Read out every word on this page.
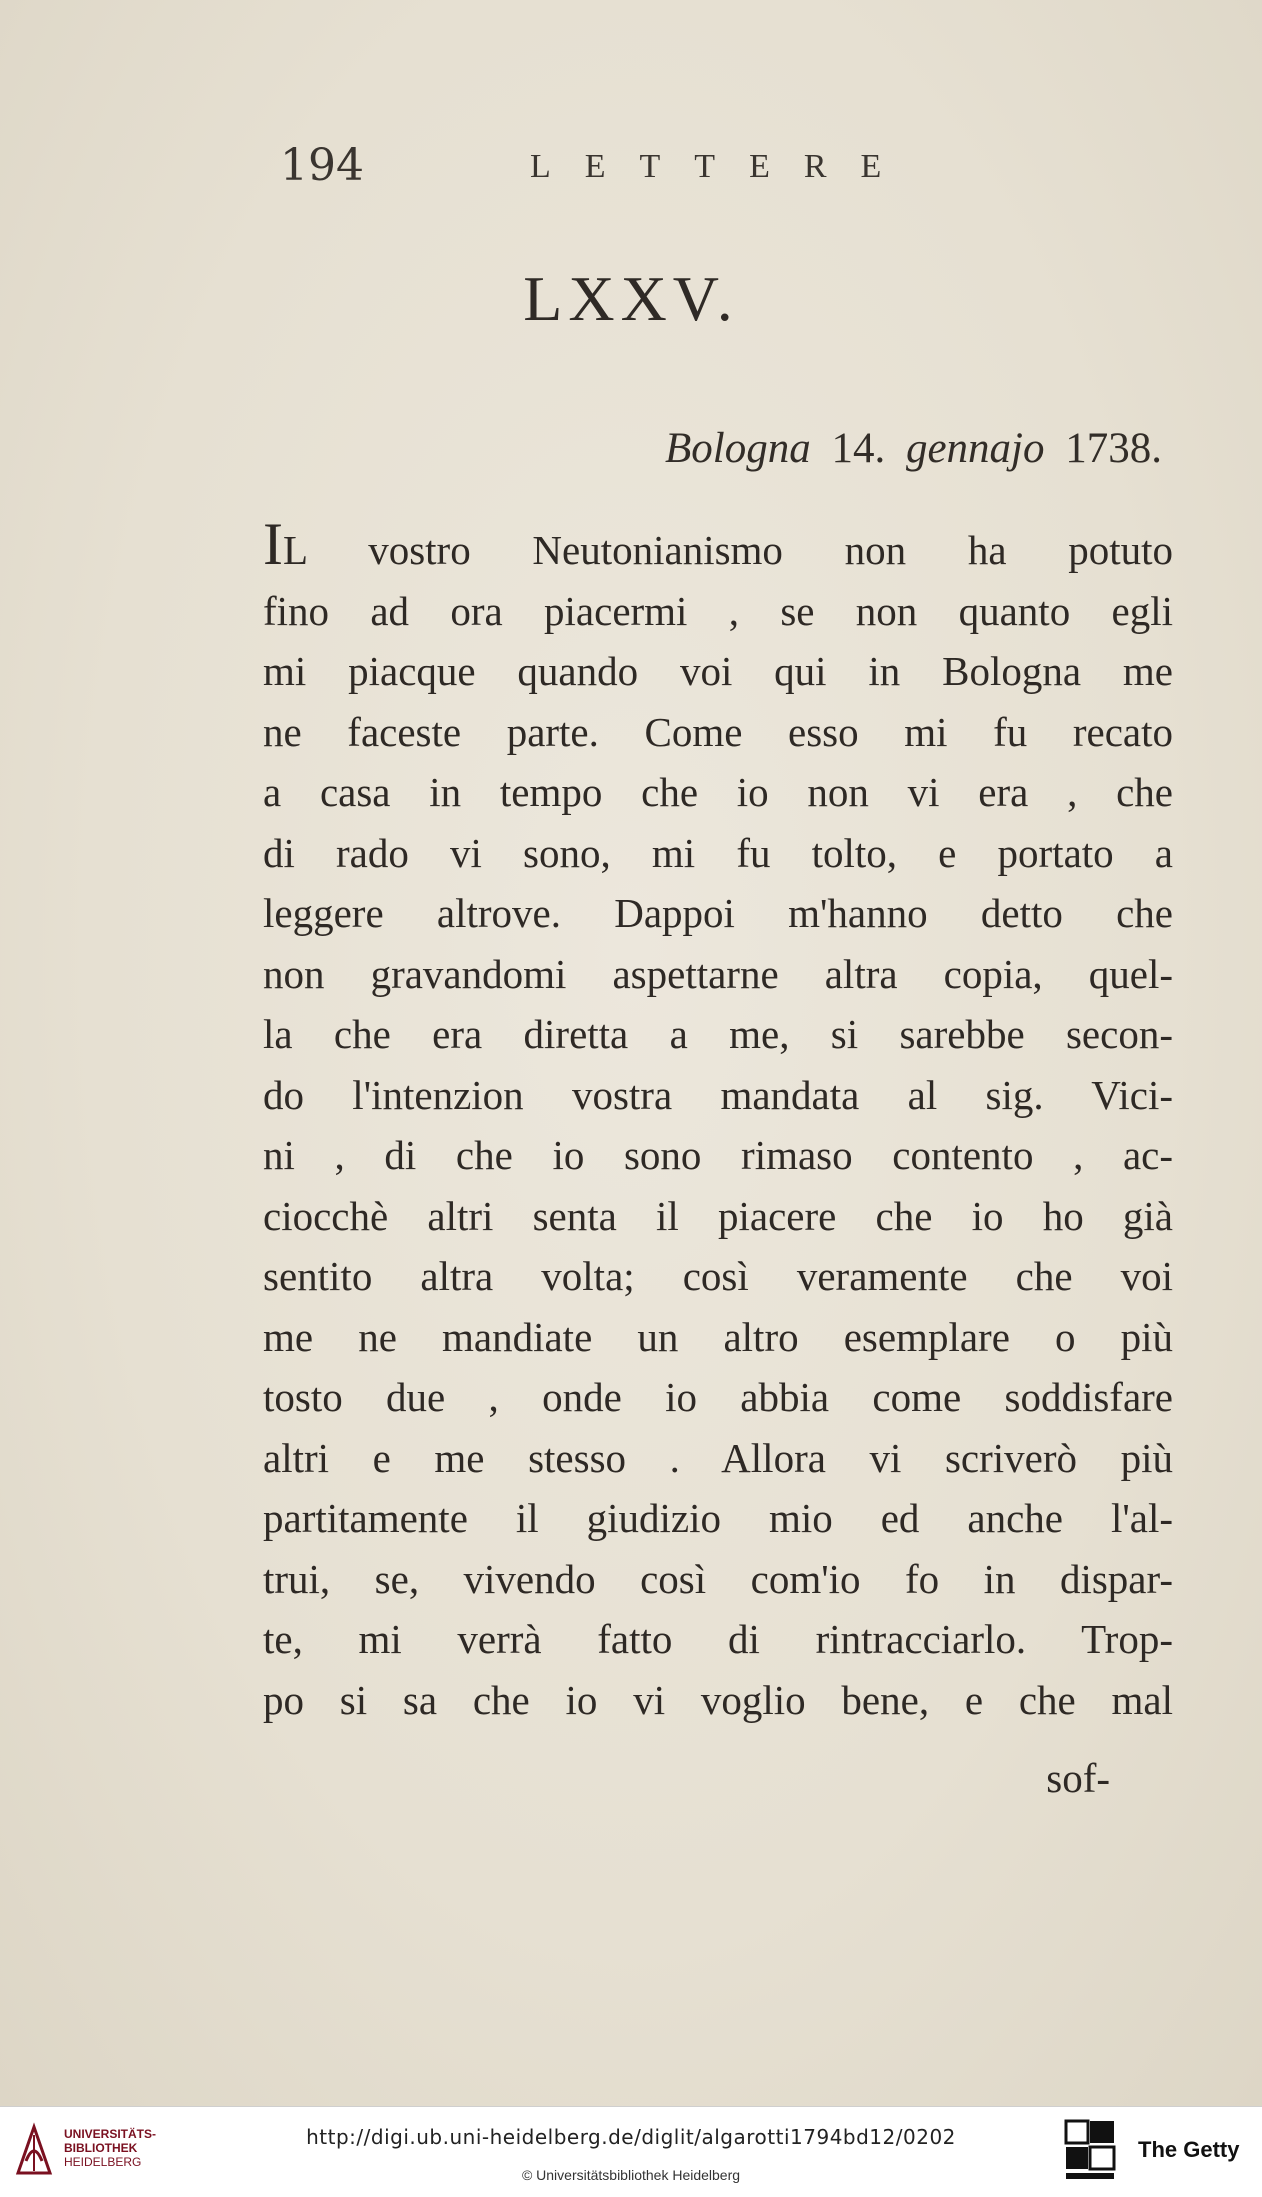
194	LETTERE
LXXV.
Bologna 14. gennajo 1738.
IL vostro Neutonianismo non ha potuto
fino ad ora piacermi , se non quanto egli
mi piacque quando voi qui in Bologna me
ne faceste parte. Come esso mi fu recato
a casa in tempo che io non vi era , che
di rado vi sono, mi fu tolto, e portato a
leggere altrove. Dappoi m'hanno detto che
non gravandomi aspettarne altra copia, quel-
la che era diretta a me, si sarebbe secon-
do l'intenzion vostra mandata al sig. Vici-
ni , di che io sono rimaso contento , ac-
ciocchè altri senta il piacere che io ho già
sentito altra volta; così veramente che voi
me ne mandiate un altro esemplare o più
tosto due , onde io abbia come soddisfare
altri e me stesso . Allora vi scriverò più
partitamente il giudizio mio ed anche l'al-
trui, se, vivendo così com'io fo in dispar-
te, mi verrà fatto di rintracciarlo. Trop-
po si sa che io vi voglio bene, e che mal
sof-
UNIVERSITÄTS-
BIBLIOTHEK
HEIDELBERG
http://digi.ub.uni-heidelberg.de/diglit/algarotti1794bd12/0202
© Universitätsbibliothek Heidelberg
The Getty
